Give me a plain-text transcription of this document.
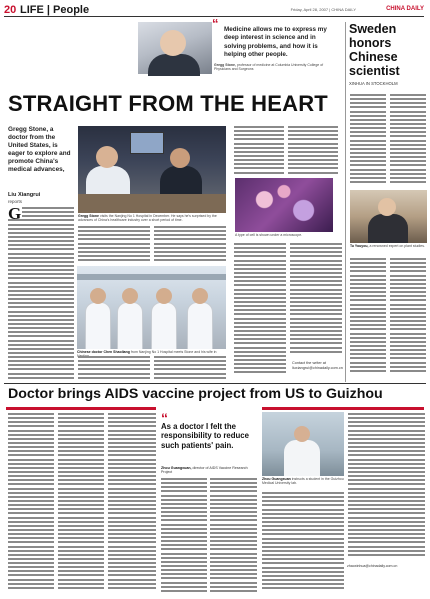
20 LIFE | People	Friday, April 28, 2007 | CHINA DAILY	CHINA DAILY
“ Medicine allows me to express my deep interest in science and in solving problems, and how it is helping other people.
Gregg Stone, professor of medicine at Columbia University College of Physicians and Surgeons
STRAIGHT FROM THE HEART
Gregg Stone, a doctor from the United States, is eager to explore and promote China's medical advances,
Liu Xiangrui
reports
G	Gregg Stone visits the Nanjing No 1 Hospital in December. He says he's surprised by the advances of China's healthcare industry over a short period of time.
Chinese doctor Chen Shaoliang from Nanjing No 1 Hospital meets Stone and his wife in
A type of cell is shown under a microscope.
Contact the writer at liuxiangrui@chinadaily.com.cn
Sweden honors Chinese scientist
XINHUA IN STOCKHOLM
Tu Youyou, a renowned expert on plant studies.
Doctor brings AIDS vaccine project from US to Guizhou
“
As a doctor I felt the responsibility to reduce such patients' pain.
Zhou Guangxuan, director of AIDS Vaccine Research Project
Zhou Guangxuan instructs a student in the Guizhou Medical University lab.
zhaoxinhua@chinadaily.com.cn
